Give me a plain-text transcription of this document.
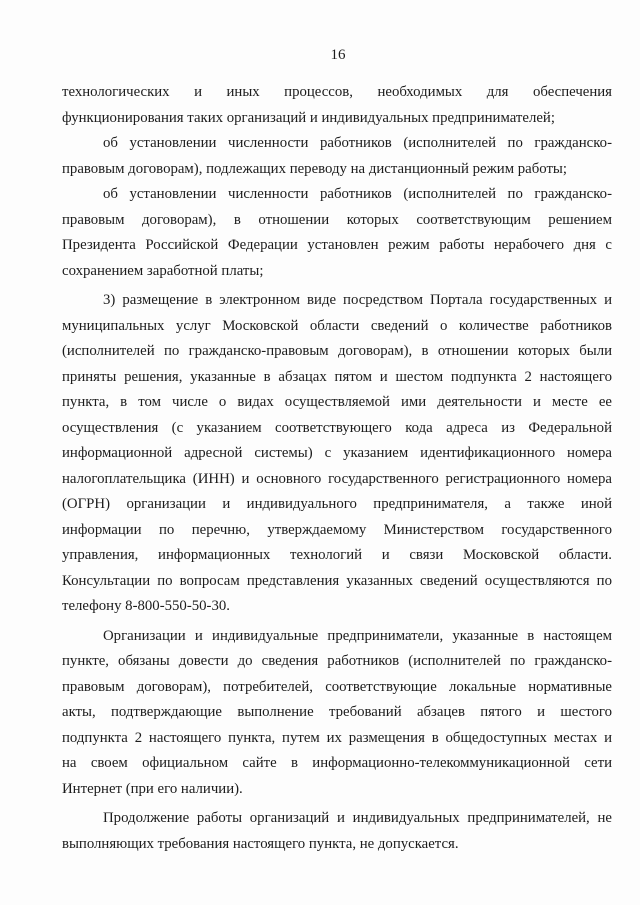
16
технологических и иных процессов, необходимых для обеспечения
функционирования таких организаций и индивидуальных предпринимателей;
об установлении численности работников (исполнителей по гражданско-
правовым договорам), подлежащих переводу на дистанционный режим работы;
об установлении численности работников (исполнителей по гражданско-
правовым договорам), в отношении которых соответствующим решением
Президента Российской Федерации установлен режим работы нерабочего дня с
сохранением заработной платы;
3) размещение в электронном виде посредством Портала государственных и
муниципальных услуг Московской области сведений о количестве работников
(исполнителей по гражданско-правовым договорам), в отношении которых были
приняты решения, указанные в абзацах пятом и шестом подпункта 2 настоящего
пункта, в том числе о видах осуществляемой ими деятельности и месте ее
осуществления (с указанием соответствующего кода адреса из Федеральной
информационной адресной системы) с указанием идентификационного номера
налогоплательщика (ИНН) и основного государственного регистрационного номера
(ОГРН) организации и индивидуального предпринимателя, а также иной
информации по перечню, утверждаемому Министерством государственного
управления, информационных технологий и связи Московской области.
Консультации по вопросам представления указанных сведений осуществляются по
телефону 8-800-550-50-30.
Организации и индивидуальные предприниматели, указанные в настоящем
пункте, обязаны довести до сведения работников (исполнителей по гражданско-
правовым договорам), потребителей, соответствующие локальные нормативные
акты, подтверждающие выполнение требований абзацев пятого и шестого
подпункта 2 настоящего пункта, путем их размещения в общедоступных местах и
на своем официальном сайте в информационно-телекоммуникационной сети
Интернет (при его наличии).
Продолжение работы организаций и индивидуальных предпринимателей, не
выполняющих требования настоящего пункта, не допускается.
